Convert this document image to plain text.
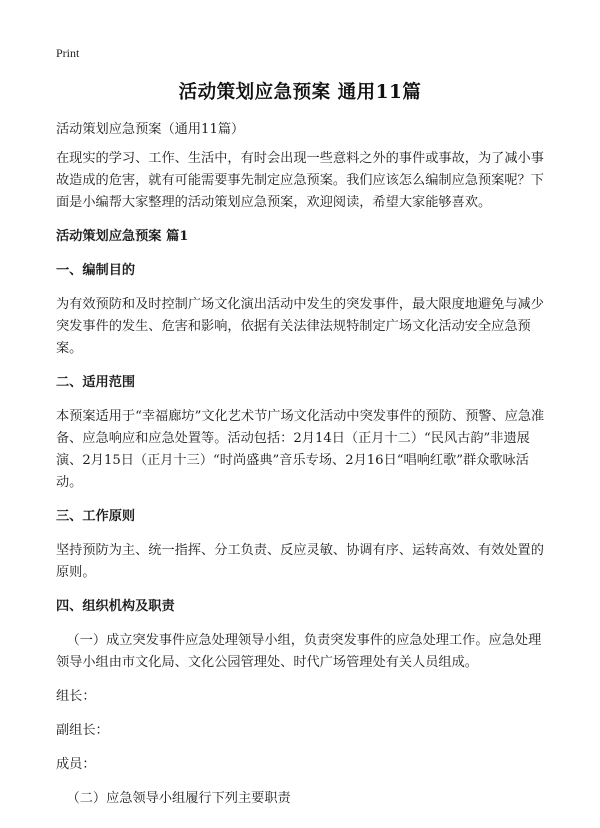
Print
活动策划应急预案 通用11篇

活动策划应急预案（通用11篇）

在现实的学习、工作、生活中，有时会出现一些意料之外的事件或事故，为了减小事故造成的危害，就有可能需要事先制定应急预案。我们应该怎么编制应急预案呢？下面是小编帮大家整理的活动策划应急预案，欢迎阅读，希望大家能够喜欢。

活动策划应急预案 篇1

一、编制目的

为有效预防和及时控制广场文化演出活动中发生的突发事件，最大限度地避免与减少突发事件的发生、危害和影响，依据有关法律法规特制定广场文化活动安全应急预案。

二、适用范围

本预案适用于“幸福廊坊”文化艺术节广场文化活动中突发事件的预防、预警、应急准备、应急响应和应急处置等。活动包括：2月14日（正月十二）“民风古韵”非遗展演、2月15日（正月十三）“时尚盛典”音乐专场、2月16日“唱响红歌”群众歌咏活动。

三、工作原则

坚持预防为主、统一指挥、分工负责、反应灵敏、协调有序、运转高效、有效处置的原则。

四、组织机构及职责

（一）成立突发事件应急处理领导小组，负责突发事件的应急处理工作。应急处理领导小组由市文化局、文化公园管理处、时代广场管理处有关人员组成。

组长：

副组长：

成员：

（二）应急领导小组履行下列主要职责
